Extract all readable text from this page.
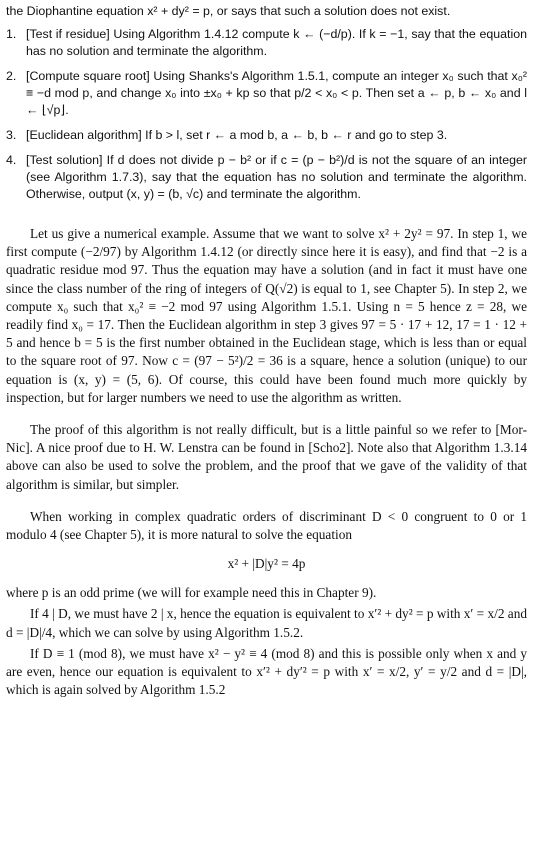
the Diophantine equation x² + dy² = p, or says that such a solution does not exist.

1. [Test if residue] Using Algorithm 1.4.12 compute k ← (−d/p). If k = −1, say that the equation has no solution and terminate the algorithm.
2. [Compute square root] Using Shanks's Algorithm 1.5.1, compute an integer x₀ such that x₀² ≡ −d mod p, and change x₀ into ±x₀ + kp so that p/2 < x₀ < p. Then set a ← p, b ← x₀ and l ← ⌊√p⌋.
3. [Euclidean algorithm] If b > l, set r ← a mod b, a ← b, b ← r and go to step 3.
4. [Test solution] If d does not divide p − b² or if c = (p − b²)/d is not the square of an integer (see Algorithm 1.7.3), say that the equation has no solution and terminate the algorithm. Otherwise, output (x, y) = (b, √c) and terminate the algorithm.

Let us give a numerical example. Assume that we want to solve x² + 2y² = 97. In step 1, we first compute (−2/97) by Algorithm 1.4.12 (or directly since here it is easy), and find that −2 is a quadratic residue mod 97. Thus the equation may have a solution (and in fact it must have one since the class number of the ring of integers of Q(√2) is equal to 1, see Chapter 5). In step 2, we compute x₀ such that x₀² ≡ −2 mod 97 using Algorithm 1.5.1. Using n = 5 hence z = 28, we readily find x₀ = 17. Then the Euclidean algorithm in step 3 gives 97 = 5 · 17 + 12, 17 = 1 · 12 + 5 and hence b = 5 is the first number obtained in the Euclidean stage, which is less than or equal to the square root of 97. Now c = (97 − 5²)/2 = 36 is a square, hence a solution (unique) to our equation is (x, y) = (5, 6). Of course, this could have been found much more quickly by inspection, but for larger numbers we need to use the algorithm as written.

The proof of this algorithm is not really difficult, but is a little painful so we refer to [Mor-Nic]. A nice proof due to H. W. Lenstra can be found in [Scho2]. Note also that Algorithm 1.3.14 above can also be used to solve the problem, and the proof that we gave of the validity of that algorithm is similar, but simpler.

When working in complex quadratic orders of discriminant D < 0 congruent to 0 or 1 modulo 4 (see Chapter 5), it is more natural to solve the equation

x² + |D|y² = 4p

where p is an odd prime (we will for example need this in Chapter 9).

If 4 | D, we must have 2 | x, hence the equation is equivalent to x′² + dy² = p with x′ = x/2 and d = |D|/4, which we can solve by using Algorithm 1.5.2.

If D ≡ 1 (mod 8), we must have x² − y² ≡ 4 (mod 8) and this is possible only when x and y are even, hence our equation is equivalent to x′² + dy′² = p with x′ = x/2, y′ = y/2 and d = |D|, which is again solved by Algorithm 1.5.2
